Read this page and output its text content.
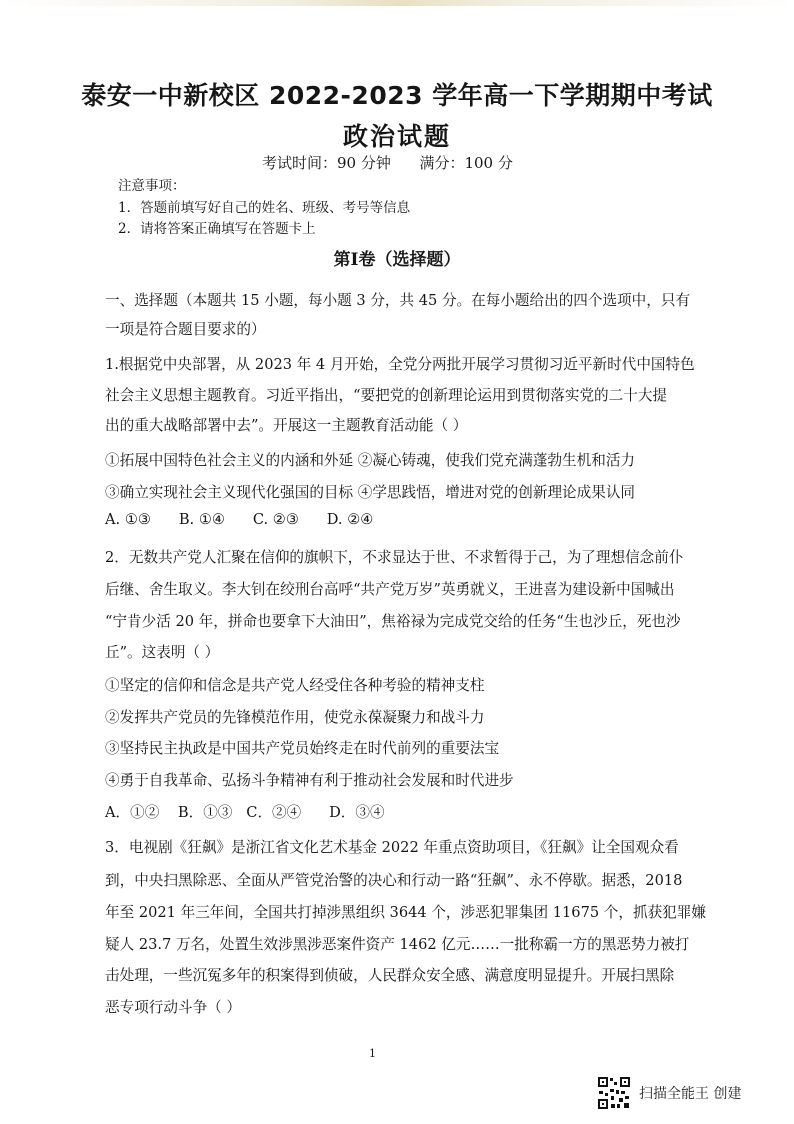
泰安一中新校区 2022-2023 学年高一下学期期中考试
政治试题
考试时间：90 分钟      满分：100 分
注意事项：
1．答题前填写好自己的姓名、班级、考号等信息
2．请将答案正确填写在答题卡上
第Ⅰ卷（选择题）
一、选择题（本题共 15 小题，每小题 3 分，共 45 分。在每小题给出的四个选项中，只有
一项是符合题目要求的）
1.根据党中央部署，从 2023 年 4 月开始，全党分两批开展学习贯彻习近平新时代中国特色
社会主义思想主题教育。习近平指出，“要把党的创新理论运用到贯彻落实党的二十大提
出的重大战略部署中去”。开展这一主题教育活动能（ ）
①拓展中国特色社会主义的内涵和外延 ②凝心铸魂，使我们党充满蓬勃生机和活力
③确立实现社会主义现代化强国的目标 ④学思践悟，增进对党的创新理论成果认同
A. ①③      B. ①④      C. ②③      D. ②④
2．无数共产党人汇聚在信仰的旗帜下，不求显达于世、不求暂得于己，为了理想信念前仆
后继、舍生取义。李大钊在绞刑台高呼“共产党万岁”英勇就义，王进喜为建设新中国喊出
“宁肯少活 20 年，拼命也要拿下大油田”，焦裕禄为完成党交给的任务“生也沙丘，死也沙
丘”。这表明（ ）
①坚定的信仰和信念是共产党人经受住各种考验的精神支柱
②发挥共产党员的先锋模范作用，使党永葆凝聚力和战斗力
③坚持民主执政是中国共产党员始终走在时代前列的重要法宝
④勇于自我革命、弘扬斗争精神有利于推动社会发展和时代进步
A．①②    B．①③   C．②④      D．③④
3．电视剧《狂飙》是浙江省文化艺术基金 2022 年重点资助项目，《狂飙》让全国观众看
到，中央扫黑除恶、全面从严管党治警的决心和行动一路“狂飙”、永不停歇。据悉，2018
年至 2021 年三年间，全国共打掉涉黑组织 3644 个，涉恶犯罪集团 11675 个，抓获犯罪嫌
疑人 23.7 万名，处置生效涉黑涉恶案件资产 1462 亿元……一批称霸一方的黑恶势力被打
击处理，一些沉冤多年的积案得到侦破，人民群众安全感、满意度明显提升。开展扫黑除
恶专项行动斗争（ ）
1
扫描全能王 创建
